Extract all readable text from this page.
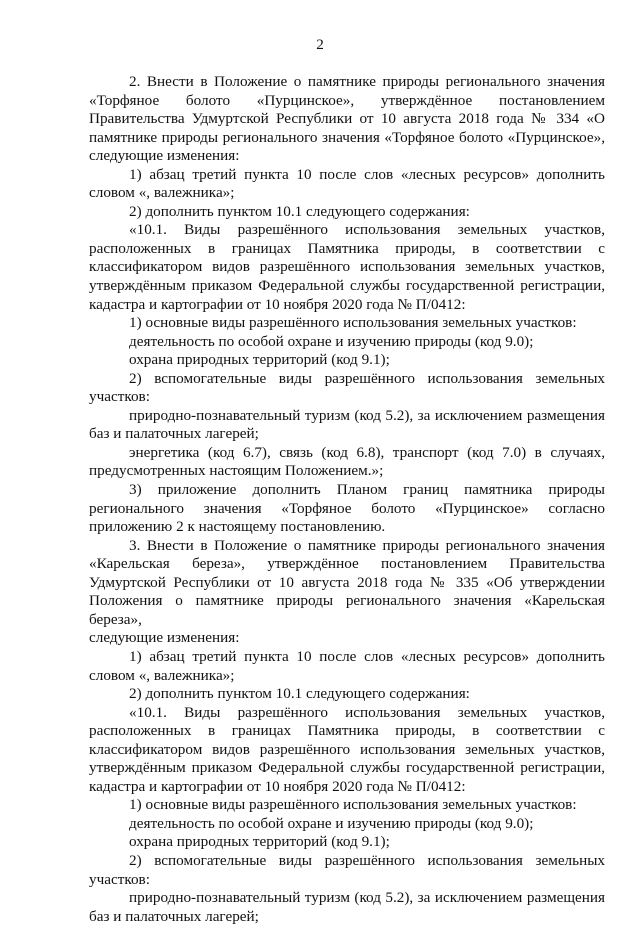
2
2. Внести в Положение о памятнике природы регионального значения
«Торфяное болото «Пурцинское», утверждённое постановлением
Правительства Удмуртской Республики от 10 августа 2018 года № 334 «О
памятнике природы регионального значения «Торфяное болото «Пурцинское»,
следующие изменения:
1) абзац третий пункта 10 после слов «лесных ресурсов» дополнить
словом «, валежника»;
2) дополнить пунктом 10.1 следующего содержания:
«10.1. Виды разрешённого использования земельных участков,
расположенных в границах Памятника природы, в соответствии с
классификатором видов разрешённого использования земельных участков,
утверждённым приказом Федеральной службы государственной регистрации,
кадастра и картографии от 10 ноября 2020 года № П/0412:
1) основные виды разрешённого использования земельных участков:
деятельность по особой охране и изучению природы (код 9.0);
охрана природных территорий (код 9.1);
2) вспомогательные виды разрешённого использования земельных
участков:
природно-познавательный туризм (код 5.2), за исключением размещения
баз и палаточных лагерей;
энергетика (код 6.7), связь (код 6.8), транспорт (код 7.0) в случаях,
предусмотренных настоящим Положением.»;
3) приложение дополнить Планом границ памятника природы
регионального значения «Торфяное болото «Пурцинское» согласно
приложению 2 к настоящему постановлению.
3. Внести в Положение о памятнике природы регионального значения
«Карельская береза», утверждённое постановлением Правительства
Удмуртской Республики от 10 августа 2018 года № 335 «Об утверждении
Положения о памятнике природы регионального значения «Карельская береза»,
следующие изменения:
1) абзац третий пункта 10 после слов «лесных ресурсов» дополнить
словом «, валежника»;
2) дополнить пунктом 10.1 следующего содержания:
«10.1. Виды разрешённого использования земельных участков,
расположенных в границах Памятника природы, в соответствии с
классификатором видов разрешённого использования земельных участков,
утверждённым приказом Федеральной службы государственной регистрации,
кадастра и картографии от 10 ноября 2020 года № П/0412:
1) основные виды разрешённого использования земельных участков:
деятельность по особой охране и изучению природы (код 9.0);
охрана природных территорий (код 9.1);
2) вспомогательные виды разрешённого использования земельных
участков:
природно-познавательный туризм (код 5.2), за исключением размещения
баз и палаточных лагерей;
